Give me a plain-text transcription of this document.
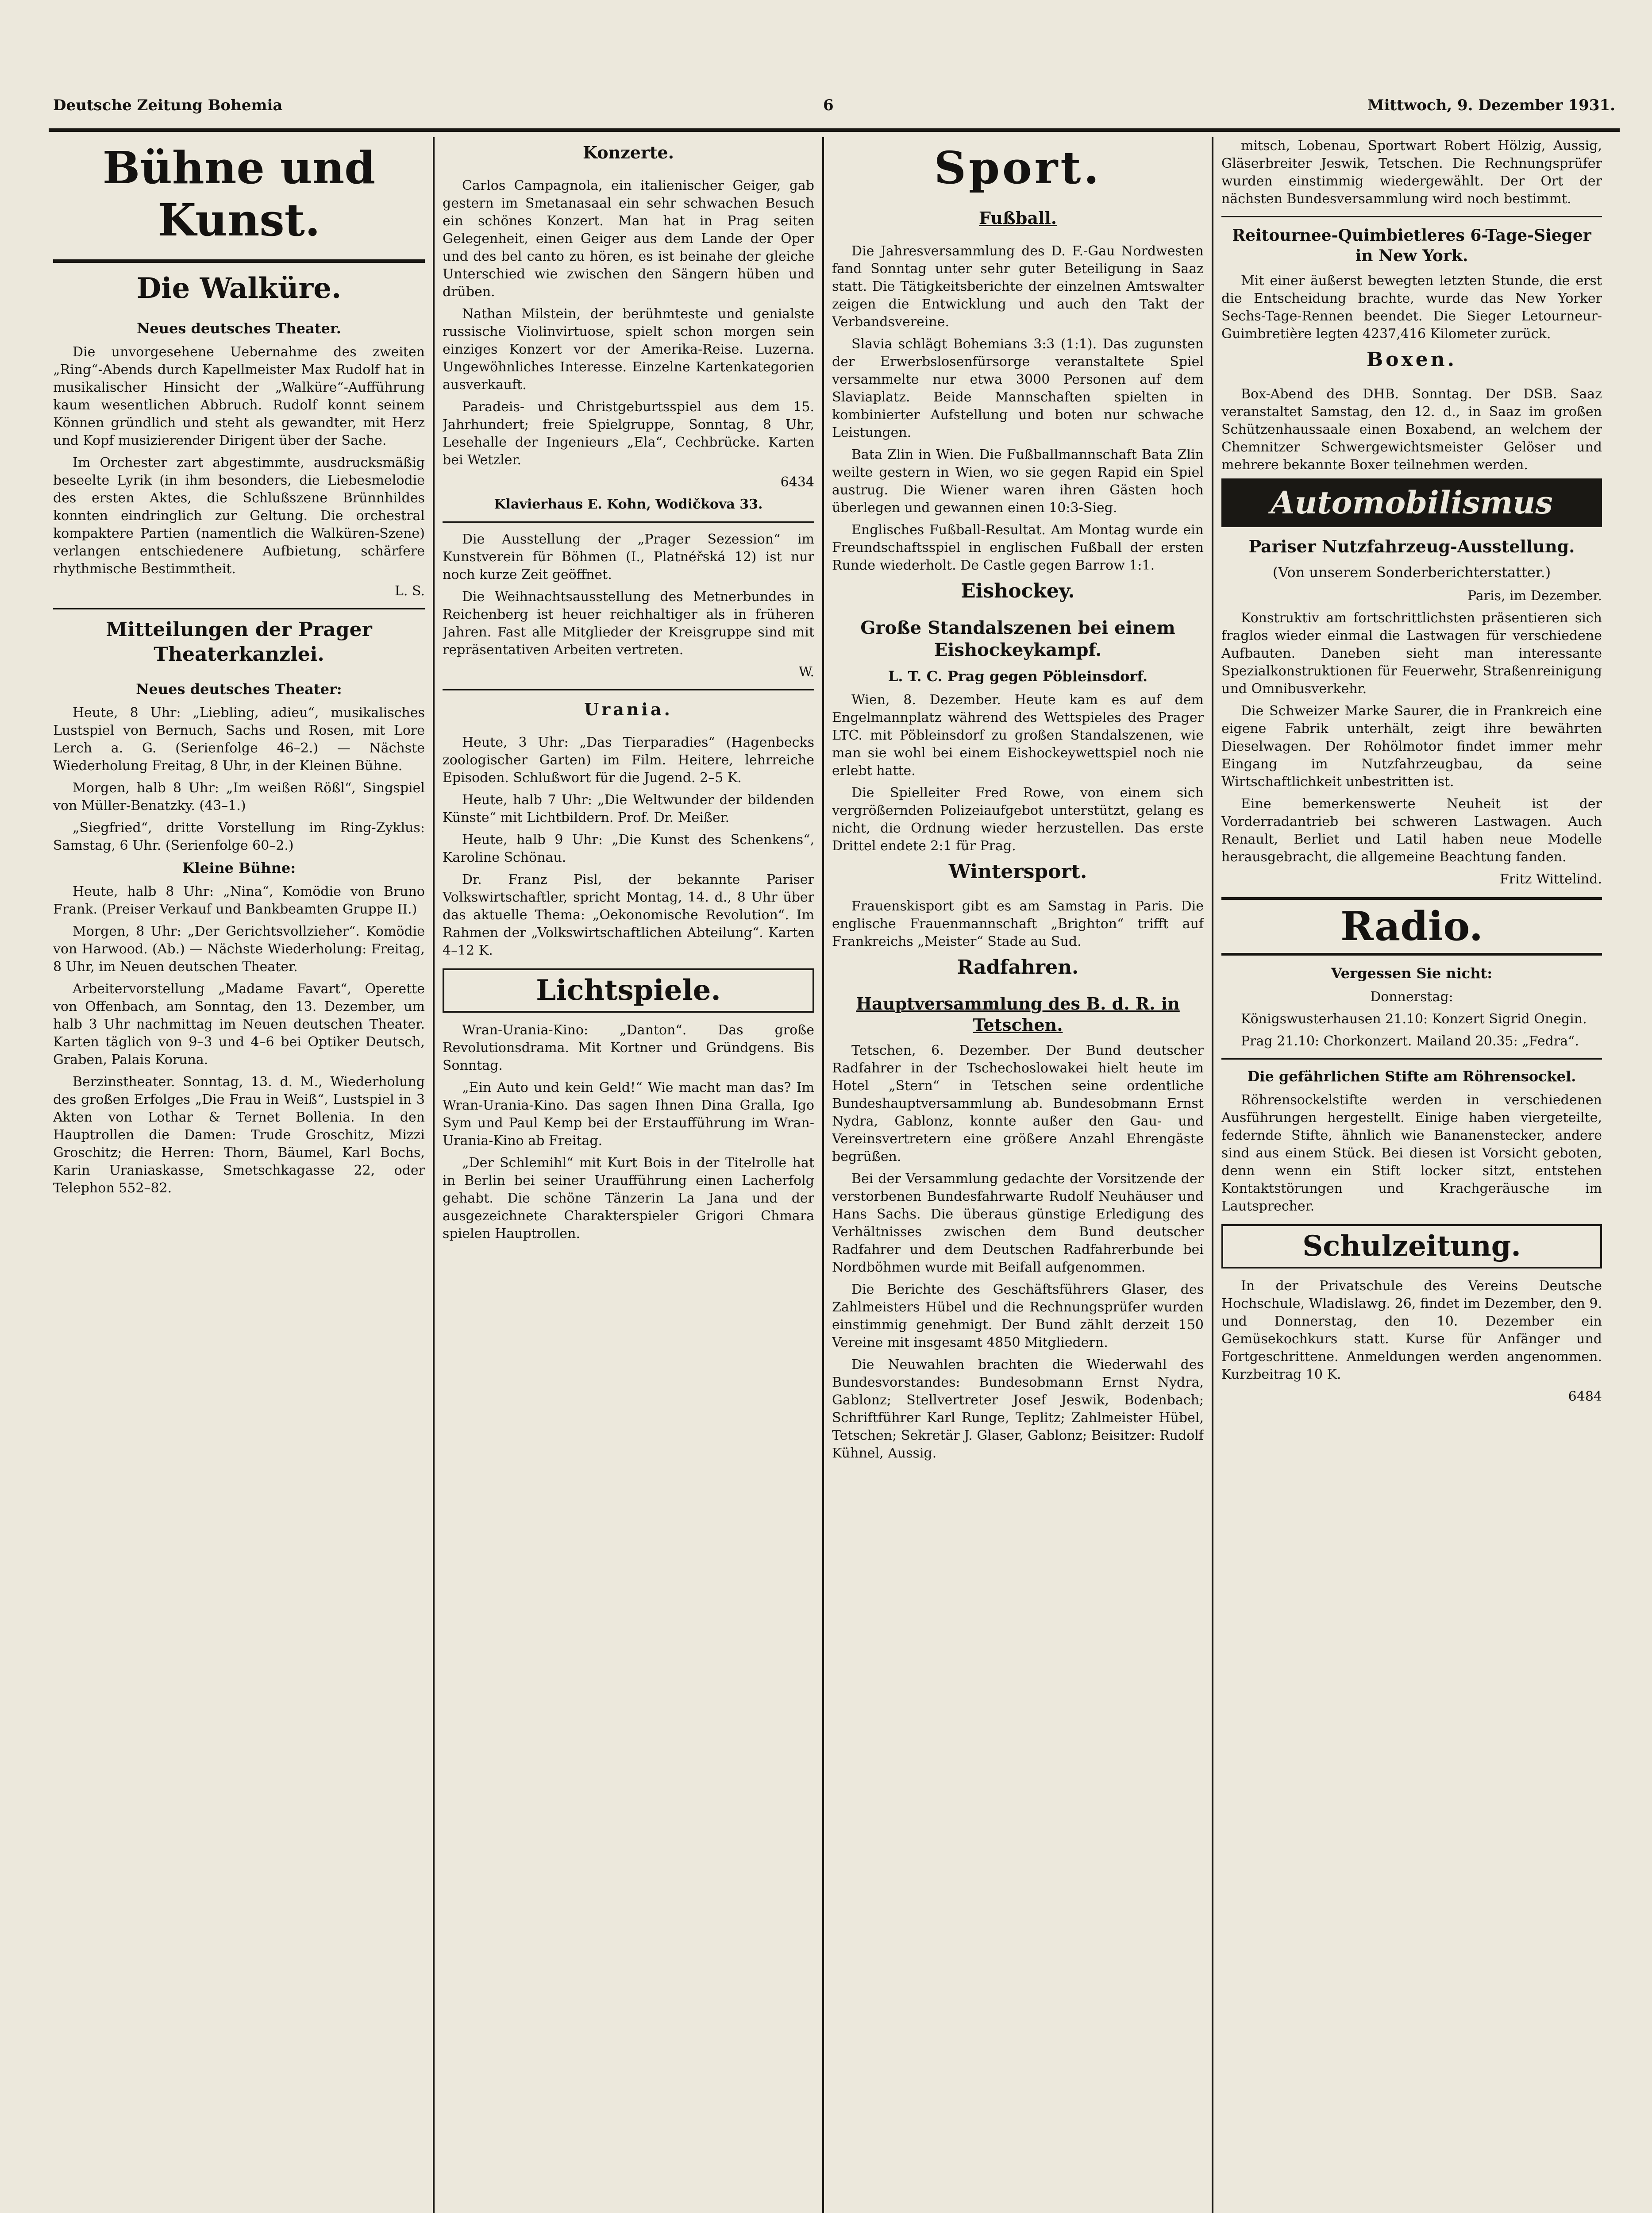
Deutsche Zeitung Bohemia	6	Mittwoch, 9. Dezember 1931.
Bühne und Kunst.
Die Walküre.
Neues deutsches Theater.

Die unvorgesehene Uebernahme des zweiten „Ring“-Abends durch Kapellmeister Max Rudolf hat in musikalischer Hinsicht der „Walküre“-Aufführung kaum wesentlichen Abbruch. Rudolf konnt seinem Können gründlich und steht als gewandter, mit Herz und Kopf musizierender Dirigent über der Sache.

Im Orchester zart abgestimmte, ausdrucksmäßig beseelte Lyrik (in ihm besonders, die Liebesmelodie des ersten Aktes, die Schlußszene Brünnhildes konnten eindringlich zur Geltung. Die orchestral kompaktere Partien (namentlich die Walküren-Szene) verlangen entschiedenere Aufbietung, schärfere rhythmische Bestimmtheit.

L. S.

Mitteilungen der Prager Theaterkanzlei.
Neues deutsches Theater:

Heute, 8 Uhr: „Liebling, adieu“, musikalisches Lustspiel von Bernuch, Sachs und Rosen, mit Lore Lerch a. G. (Serienfolge 46–2.) — Nächste Wiederholung Freitag, 8 Uhr, in der Kleinen Bühne.

Morgen, halb 8 Uhr: „Im weißen Rößl“, Singspiel von Müller-Benatzky. (43–1.)

„Siegfried“, dritte Vorstellung im Ring-Zyklus: Samstag, 6 Uhr. (Serienfolge 60–2.)

Kleine Bühne:

Heute, halb 8 Uhr: „Nina“, Komödie von Bruno Frank. (Preiser Verkauf und Bankbeamten Gruppe II.)

Morgen, 8 Uhr: „Der Gerichtsvollzieher“. Komödie von Harwood. (Ab.) — Nächste Wiederholung: Freitag, 8 Uhr, im Neuen deutschen Theater.

Arbeitervorstellung „Madame Favart“, Operette von Offenbach, am Sonntag, den 13. Dezember, um halb 3 Uhr nachmittag im Neuen deutschen Theater. Karten täglich von 9–3 und 4–6 bei Optiker Deutsch, Graben, Palais Koruna.

Berzinstheater. Sonntag, 13. d. M., Wiederholung des großen Erfolges „Die Frau in Weiß“, Lustspiel in 3 Akten von Lothar & Ternet Bollenia. In den Hauptrollen die Damen: Trude Groschitz, Mizzi Groschitz; die Herren: Thorn, Bäumel, Karl Bochs, Karin Uraniaskasse, Smetschkagasse 22, oder Telephon 552–82.

Konzerte.

Carlos Campagnola, ein italienischer Geiger, gab gestern im Smetanasaal ein sehr schwachen Besuch ein schönes Konzert. Man hat in Prag seiten Gelegenheit, einen Geiger aus dem Lande der Oper und des bel canto zu hören, es ist beinahe der gleiche Unterschied wie zwischen den Sängern hüben und drüben.

Nathan Milstein, der berühmteste und genialste russische Violinvirtuose, spielt schon morgen sein einziges Konzert vor der Amerika-Reise. Luzerna. Ungewöhnliches Interesse. Einzelne Kartenkategorien ausverkauft.

Paradeis- und Christgeburtsspiel aus dem 15. Jahrhundert; freie Spielgruppe, Sonntag, 8 Uhr, Lesehalle der Ingenieurs „Ela“, Cechbrücke. Karten bei Wetzler.

6434

Klavierhaus E. Kohn, Wodičkova 33.

Die Ausstellung der „Prager Sezession“ im Kunstverein für Böhmen (I., Platnéřská 12) ist nur noch kurze Zeit geöffnet.

Die Weihnachtsausstellung des Metnerbundes in Reichenberg ist heuer reichhaltiger als in früheren Jahren. Fast alle Mitglieder der Kreisgruppe sind mit repräsentativen Arbeiten vertreten.

W.

Urania.

Heute, 3 Uhr: „Das Tierparadies“ (Hagenbecks zoologischer Garten) im Film. Heitere, lehrreiche Episoden. Schlußwort für die Jugend. 2–5 K.

Heute, halb 7 Uhr: „Die Weltwunder der bildenden Künste“ mit Lichtbildern. Prof. Dr. Meißer.

Heute, halb 9 Uhr: „Die Kunst des Schenkens“, Karoline Schönau.

Dr. Franz Pisl, der bekannte Pariser Volkswirtschaftler, spricht Montag, 14. d., 8 Uhr über das aktuelle Thema: „Oekonomische Revolution“. Im Rahmen der „Volkswirtschaftlichen Abteilung“. Karten 4–12 K.

Lichtspiele.

Wran-Urania-Kino: „Danton“. Das große Revolutionsdrama. Mit Kortner und Gründgens. Bis Sonntag.

„Ein Auto und kein Geld!“ Wie macht man das? Im Wran-Urania-Kino. Das sagen Ihnen Dina Gralla, Igo Sym und Paul Kemp bei der Erstaufführung im Wran-Urania-Kino ab Freitag.

„Der Schlemihl“ mit Kurt Bois in der Titelrolle hat in Berlin bei seiner Uraufführung einen Lacherfolg gehabt. Die schöne Tänzerin La Jana und der ausgezeichnete Charakterspieler Grigori Chmara spielen Hauptrollen.

Sport.
Fußball.

Die Jahresversammlung des D. F.-Gau Nordwesten fand Sonntag unter sehr guter Beteiligung in Saaz statt. Die Tätigkeitsberichte der einzelnen Amtswalter zeigen die Entwicklung und auch den Takt der Verbandsvereine.

Slavia schlägt Bohemians 3:3 (1:1). Das zugunsten der Erwerbslosenfürsorge veranstaltete Spiel versammelte nur etwa 3000 Personen auf dem Slaviaplatz. Beide Mannschaften spielten in kombinierter Aufstellung und boten nur schwache Leistungen.

Bata Zlin in Wien. Die Fußballmannschaft Bata Zlin weilte gestern in Wien, wo sie gegen Rapid ein Spiel austrug. Die Wiener waren ihren Gästen hoch überlegen und gewannen einen 10:3-Sieg.

Englisches Fußball-Resultat. Am Montag wurde ein Freundschaftsspiel in englischen Fußball der ersten Runde wiederholt. De Castle gegen Barrow 1:1.

Eishockey.
Große Standalszenen bei einem Eishockeykampf.
L. T. C. Prag gegen Pöbleinsdorf.

Wien, 8. Dezember. Heute kam es auf dem Engelmannplatz während des Wettspieles des Prager LTC. mit Pöbleinsdorf zu großen Standalszenen, wie man sie wohl bei einem Eishockeywettspiel noch nie erlebt hatte.

Die Spielleiter Fred Rowe, von einem sich vergrößernden Polizeiaufgebot unterstützt, gelang es nicht, die Ordnung wieder herzustellen. Das erste Drittel endete 2:1 für Prag.

Wintersport.

Frauenskisport gibt es am Samstag in Paris. Die englische Frauenmannschaft „Brighton“ trifft auf Frankreichs „Meister“ Stade au Sud.

Radfahren.
Hauptversammlung des B. d. R. in Tetschen.

Tetschen, 6. Dezember. Der Bund deutscher Radfahrer in der Tschechoslowakei hielt heute im Hotel „Stern“ in Tetschen seine ordentliche Bundeshauptversammlung ab. Bundesobmann Ernst Nydra, Gablonz, konnte außer den Gau- und Vereinsvertretern eine größere Anzahl Ehrengäste begrüßen.

Bei der Versammlung gedachte der Vorsitzende der verstorbenen Bundesfahrwarte Rudolf Neuhäuser und Hans Sachs. Die überaus günstige Erledigung des Verhältnisses zwischen dem Bund deutscher Radfahrer und dem Deutschen Radfahrerbunde bei Nordböhmen wurde mit Beifall aufgenommen.

Die Berichte des Geschäftsführers Glaser, des Zahlmeisters Hübel und die Rechnungsprüfer wurden einstimmig genehmigt. Der Bund zählt derzeit 150 Vereine mit insgesamt 4850 Mitgliedern.

Die Neuwahlen brachten die Wiederwahl des Bundesvorstandes: Bundesobmann Ernst Nydra, Gablonz; Stellvertreter Josef Jeswik, Bodenbach; Schriftführer Karl Runge, Teplitz; Zahlmeister Hübel, Tetschen; Sekretär J. Glaser, Gablonz; Beisitzer: Rudolf Kühnel, Aussig.

mitsch, Lobenau, Sportwart Robert Hölzig, Aussig, Gläserbreiter Jeswik, Tetschen. Die Rechnungsprüfer wurden einstimmig wiedergewählt. Der Ort der nächsten Bundesversammlung wird noch bestimmt.

Reitournee-Quimbietleres 6-Tage-Sieger in New York.

Mit einer äußerst bewegten letzten Stunde, die erst die Entscheidung brachte, wurde das New Yorker Sechs-Tage-Rennen beendet. Die Sieger Letourneur-Guimbretière legten 4237,416 Kilometer zurück.

Boxen.

Box-Abend des DHB. Sonntag. Der DSB. Saaz veranstaltet Samstag, den 12. d., in Saaz im großen Schützenhaussaale einen Boxabend, an welchem der Chemnitzer Schwergewichtsmeister Gelöser und mehrere bekannte Boxer teilnehmen werden.

Automobilismus
Pariser Nutzfahrzeug-Ausstellung.
(Von unserem Sonderberichterstatter.)

Paris, im Dezember.

Konstruktiv am fortschrittlichsten präsentieren sich fraglos wieder einmal die Lastwagen für verschiedene Aufbauten. Daneben sieht man interessante Spezialkonstruktionen für Feuerwehr, Straßenreinigung und Omnibusverkehr.

Die Schweizer Marke Saurer, die in Frankreich eine eigene Fabrik unterhält, zeigt ihre bewährten Dieselwagen. Der Rohölmotor findet immer mehr Eingang im Nutzfahrzeugbau, da seine Wirtschaftlichkeit unbestritten ist.

Eine bemerkenswerte Neuheit ist der Vorderradantrieb bei schweren Lastwagen. Auch Renault, Berliet und Latil haben neue Modelle herausgebracht, die allgemeine Beachtung fanden.

Fritz Wittelind.

Radio.
Vergessen Sie nicht:

Donnerstag:

Königswusterhausen 21.10: Konzert Sigrid Onegin.

Prag 21.10: Chorkonzert. Mailand 20.35: „Fedra“.

Die gefährlichen Stifte am Röhrensockel.

Röhrensockelstifte werden in verschiedenen Ausführungen hergestellt. Einige haben viergeteilte, federnde Stifte, ähnlich wie Bananenstecker, andere sind aus einem Stück. Bei diesen ist Vorsicht geboten, denn wenn ein Stift locker sitzt, entstehen Kontaktstörungen und Krachgeräusche im Lautsprecher.

Schulzeitung.

In der Privatschule des Vereins Deutsche Hochschule, Wladislawg. 26, findet im Dezember, den 9. und Donnerstag, den 10. Dezember ein Gemüsekochkurs statt. Kurse für Anfänger und Fortgeschrittene. Anmeldungen werden angenommen. Kurzbeitrag 10 K.

6484
